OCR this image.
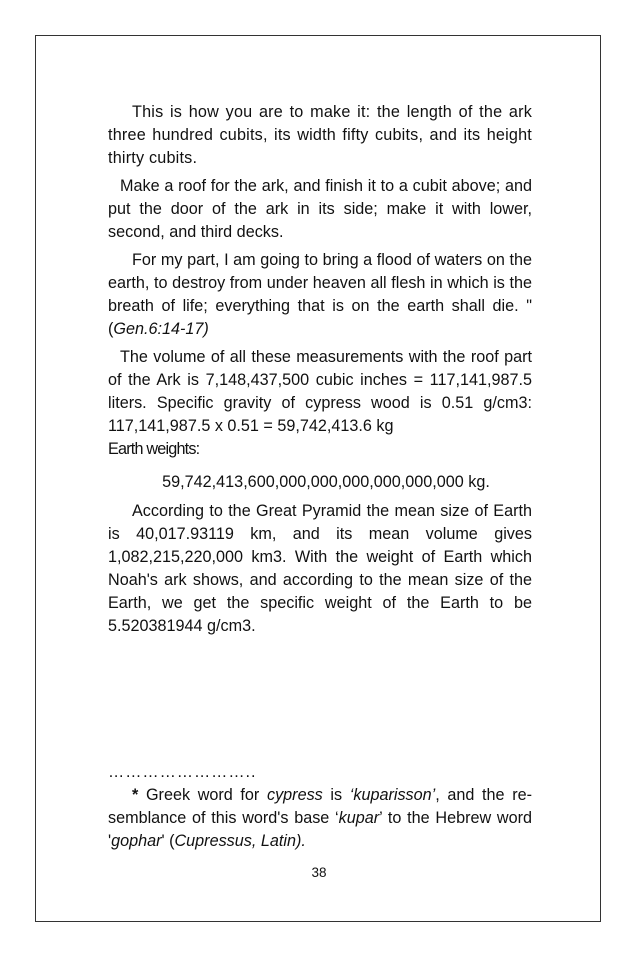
This is how you are to make it: the length of the ark three hundred cubits, its width fifty cubits, and its height thirty cubits.

Make a roof for the ark, and finish it to a cubit above; and put the door of the ark in its side; make it with lower, second, and third decks.

For my part, I am going to bring a flood of waters on the earth, to destroy from under heaven all flesh in which is the breath of life; everything that is on the earth shall die. "(Gen.6:14-17)

The volume of all these measurements with the roof part of the Ark is 7,148,437,500 cubic inches = 117,141,987.5 liters. Specific gravity of cypress wood is 0.51 g/cm3: 117,141,987.5 x 0.51 = 59,742,413.6 kg
Earth weights:

59,742,413,600,000,000,000,000,000,000 kg.

According to the Great Pyramid the mean size of Earth is 40,017.93119 km, and its mean volume gives 1,082,215,220,000 km3. With the weight of Earth which Noah's ark shows, and according to the mean size of the Earth, we get the specific weight of the Earth to be 5.520381944 g/cm3.

……………………..

* Greek word for cypress is ‘kuparisson’, and the re-semblance of this word's base ‘kupar’ to the Hebrew word 'gophar' (Cupressus, Latin).

38
